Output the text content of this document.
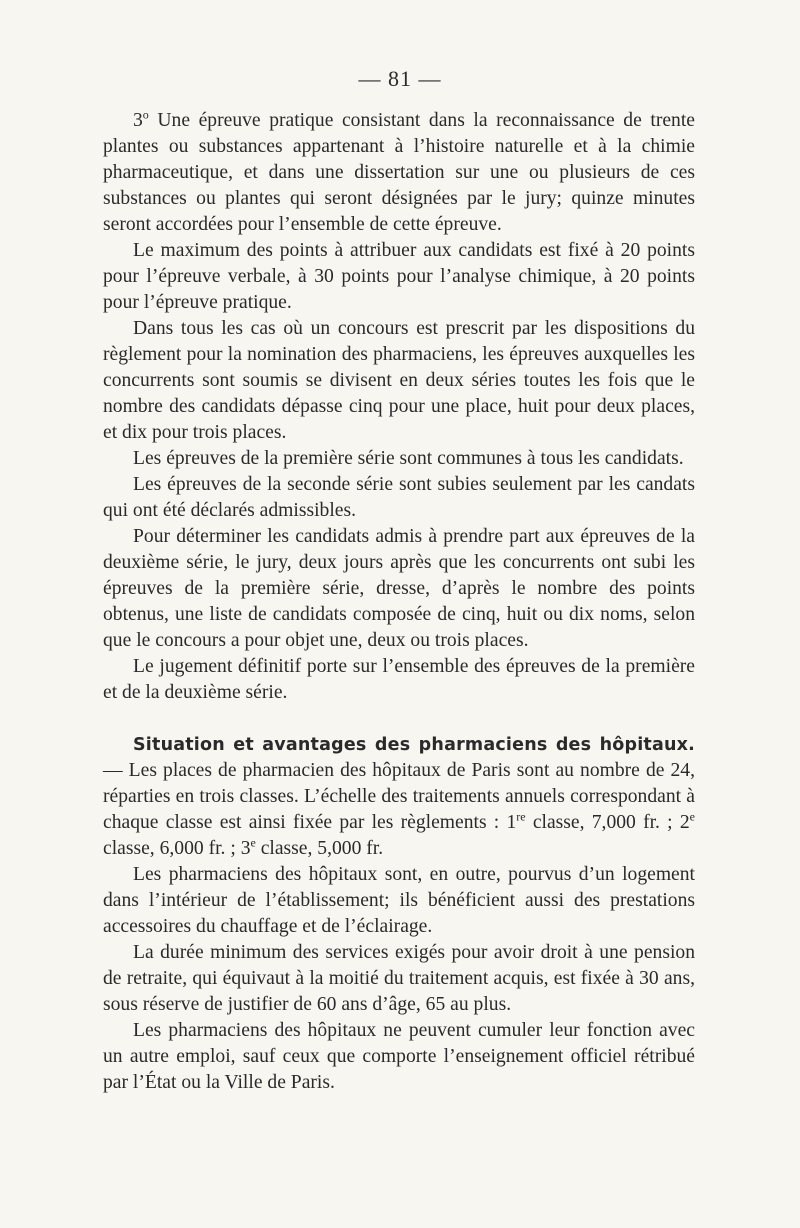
— 81 —

3$^o$ Une épreuve pratique consistant dans la reconnaissance de trente plantes ou substances appartenant à l’histoire naturelle et à la chimie pharmaceutique, et dans une dissertation sur une ou plusieurs de ces substances ou plantes qui seront désignées par le jury; quinze minutes seront accordées pour l’ensemble de cette épreuve.

Le maximum des points à attribuer aux candidats est fixé à 20 points pour l’épreuve verbale, à 30 points pour l’analyse chimique, à 20 points pour l’épreuve pratique.

Dans tous les cas où un concours est prescrit par les dispositions du règlement pour la nomination des pharmaciens, les épreuves auxquelles les concurrents sont soumis se divisent en deux séries toutes les fois que le nombre des candidats dépasse cinq pour une place, huit pour deux places, et dix pour trois places.

Les épreuves de la première série sont communes à tous les candidats.

Les épreuves de la seconde série sont subies seulement par les candats qui ont été déclarés admissibles.

Pour déterminer les candidats admis à prendre part aux épreuves de la deuxième série, le jury, deux jours après que les concurrents ont subi les épreuves de la première série, dresse, d’après le nombre des points obtenus, une liste de candidats composée de cinq, huit ou dix noms, selon que le concours a pour objet une, deux ou trois places.

Le jugement définitif porte sur l’ensemble des épreuves de la première et de la deuxième série.

Situation et avantages des pharmaciens des hôpitaux. — Les places de pharmacien des hôpitaux de Paris sont au nombre de 24, réparties en trois classes. L’échelle des traitements annuels correspondant à chaque classe est ainsi fixée par les règlements : 1re classe, 7,000 fr. ; 2e classe, 6,000 fr. ; 3e classe, 5,000 fr.

Les pharmaciens des hôpitaux sont, en outre, pourvus d’un logement dans l’intérieur de l’établissement; ils bénéficient aussi des prestations accessoires du chauffage et de l’éclairage.

La durée minimum des services exigés pour avoir droit à une pension de retraite, qui équivaut à la moitié du traitement acquis, est fixée à 30 ans, sous réserve de justifier de 60 ans d’âge, 65 au plus.

Les pharmaciens des hôpitaux ne peuvent cumuler leur fonction avec un autre emploi, sauf ceux que comporte l’enseignement officiel rétribué par l’État ou la Ville de Paris.
